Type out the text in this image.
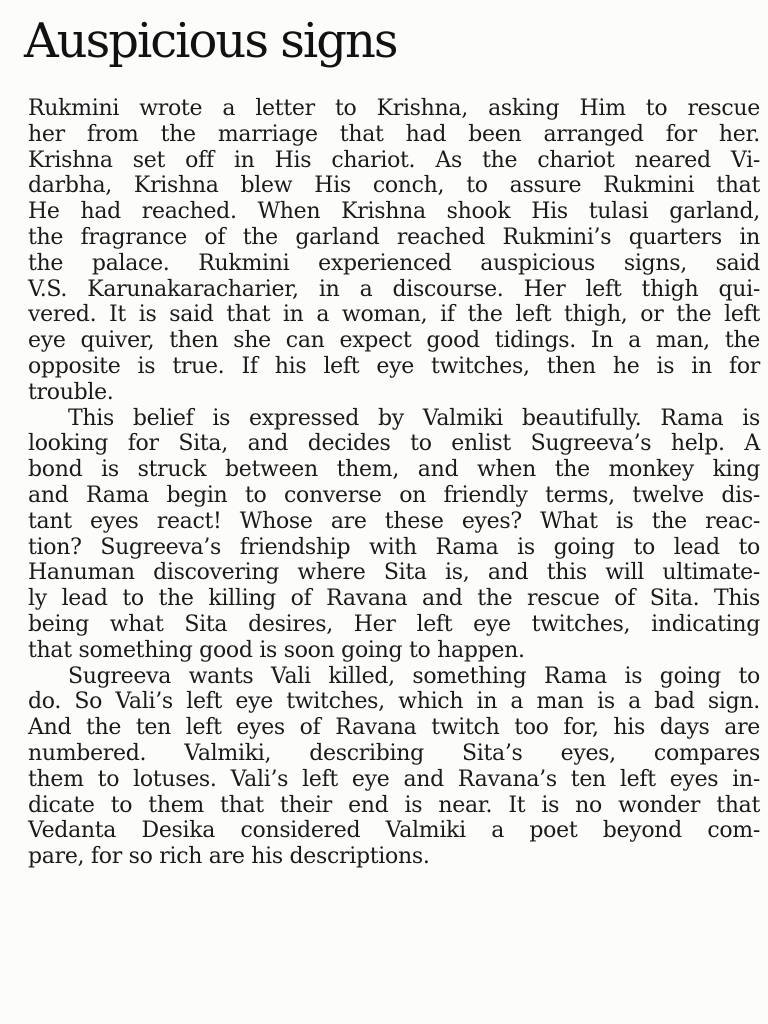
Auspicious signs
Rukmini wrote a letter to Krishna, asking Him to rescue
her from the marriage that had been arranged for her.
Krishna set off in His chariot. As the chariot neared Vi-
darbha, Krishna blew His conch, to assure Rukmini that
He had reached. When Krishna shook His tulasi garland,
the fragrance of the garland reached Rukmini’s quarters in
the palace. Rukmini experienced auspicious signs, said
V.S. Karunakaracharier, in a discourse. Her left thigh qui-
vered. It is said that in a woman, if the left thigh, or the left
eye quiver, then she can expect good tidings. In a man, the
opposite is true. If his left eye twitches, then he is in for
trouble.
This belief is expressed by Valmiki beautifully. Rama is
looking for Sita, and decides to enlist Sugreeva’s help. A
bond is struck between them, and when the monkey king
and Rama begin to converse on friendly terms, twelve dis-
tant eyes react! Whose are these eyes? What is the reac-
tion? Sugreeva’s friendship with Rama is going to lead to
Hanuman discovering where Sita is, and this will ultimate-
ly lead to the killing of Ravana and the rescue of Sita. This
being what Sita desires, Her left eye twitches, indicating
that something good is soon going to happen.
Sugreeva wants Vali killed, something Rama is going to
do. So Vali’s left eye twitches, which in a man is a bad sign.
And the ten left eyes of Ravana twitch too for, his days are
numbered. Valmiki, describing Sita’s eyes, compares
them to lotuses. Vali’s left eye and Ravana’s ten left eyes in-
dicate to them that their end is near. It is no wonder that
Vedanta Desika considered Valmiki a poet beyond com-
pare, for so rich are his descriptions.
